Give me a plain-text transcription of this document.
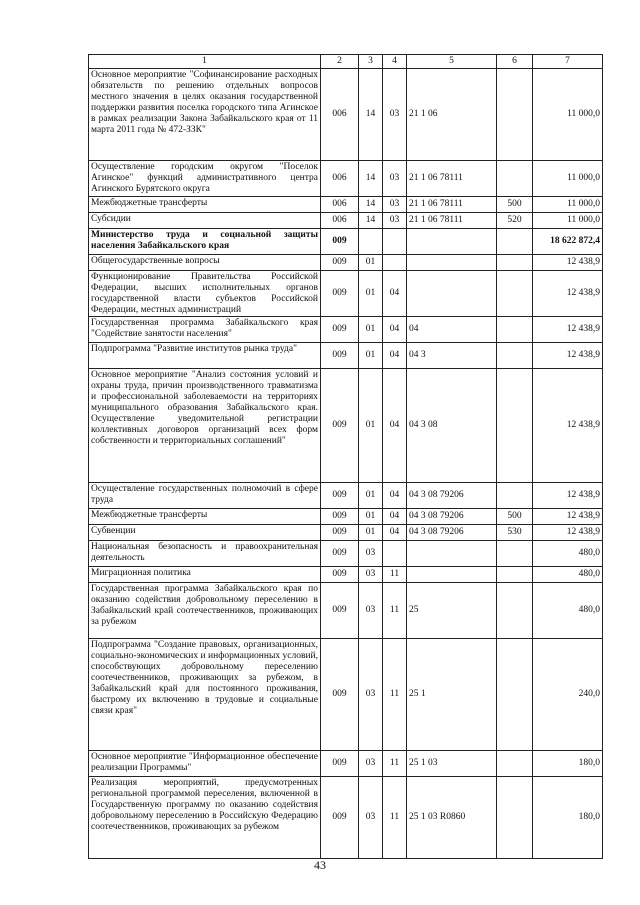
1	2	3	4	5	6	7
Основное мероприятие "Софинансирование расходных обязательств по решению отдельных вопросов местного значения в целях оказания государственной поддержки развития поселка городского типа Агинское в рамках реализации Закона Забайкальского края от 11 марта 2011 года № 472-ЗЗК"	006	14	03	21 1 06		11 000,0
Осуществление городским округом "Поселок Агинское" функций административного центра Агинского Бурятского округа	006	14	03	21 1 06 78111		11 000,0
Межбюджетные трансферты	006	14	03	21 1 06 78111	500	11 000,0
Субсидии	006	14	03	21 1 06 78111	520	11 000,0
Министерство труда и социальной защиты населения Забайкальского края	009					18 622 872,4
Общегосударственные вопросы	009	01				12 438,9
Функционирование Правительства Российской Федерации, высших исполнительных органов государственной власти субъектов Российской Федерации, местных администраций	009	01	04			12 438,9
Государственная программа Забайкальского края "Содействие занятости населения"	009	01	04	04		12 438,9
Подпрограмма "Развитие институтов рынка труда"	009	01	04	04 3		12 438,9
Основное мероприятие "Анализ состояния условий и охраны труда, причин производственного травматизма и профессиональной заболеваемости на территориях муниципального образования Забайкальского края. Осуществление уведомительной регистрации коллективных договоров организаций всех форм собственности и территориальных соглашений"	009	01	04	04 3 08		12 438,9
Осуществление государственных полномочий в сфере труда	009	01	04	04 3 08 79206		12 438,9
Межбюджетные трансферты	009	01	04	04 3 08 79206	500	12 438,9
Субвенции	009	01	04	04 3 08 79206	530	12 438,9
Национальная безопасность и правоохранительная деятельность	009	03				480,0
Миграционная политика	009	03	11			480,0
Государственная программа Забайкальского края по оказанию содействия добровольному переселению в Забайкальский край соотечественников, проживающих за рубежом	009	03	11	25		480,0
Подпрограмма "Создание правовых, организационных, социально-экономических и информационных условий, способствующих добровольному переселению соотечественников, проживающих за рубежом, в Забайкальский край для постоянного проживания, быстрому их включению в трудовые и социальные связи края"	009	03	11	25 1		240,0
Основное мероприятие "Информационное обеспечение реализации Программы"	009	03	11	25 1 03		180,0
Реализация мероприятий, предусмотренных региональной программой переселения, включенной в Государственную программу по оказанию содействия добровольному переселению в Российскую Федерацию соотечественников, проживающих за рубежом	009	03	11	25 1 03 R0860		180,0
43
